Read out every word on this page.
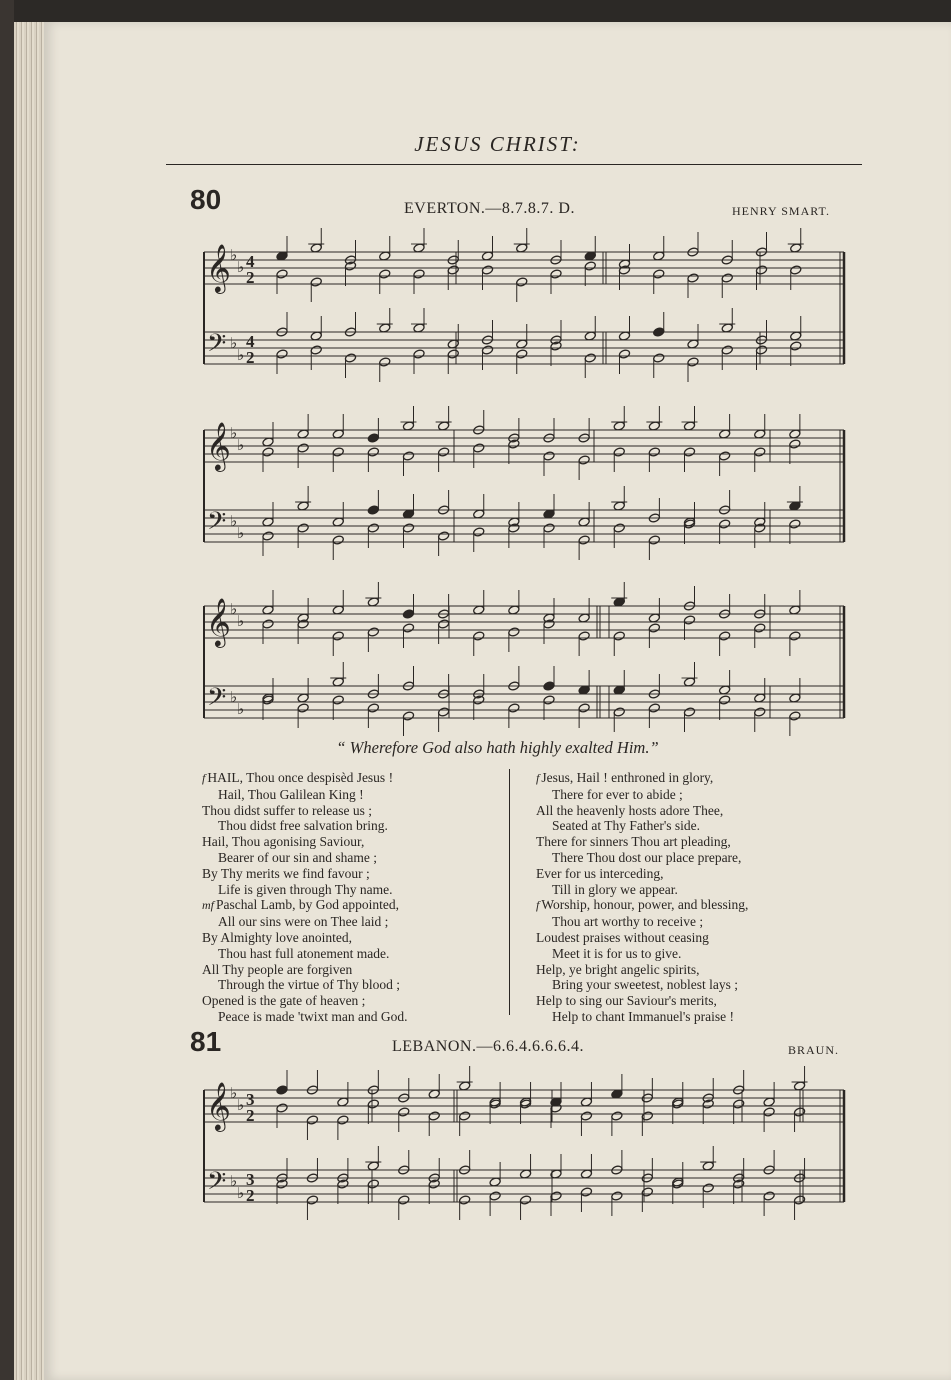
JESUS CHRIST:
80	EVERTON.—8.7.8.7. D.	HENRY SMART.
𝄞
𝄢
♭
♭
♭
♭
4
2
4
2
𝄞
𝄢
♭
♭
♭
♭
𝄞
𝄢
♭
♭
♭
♭
“ Wherefore God also hath highly exalted Him.”
f HAIL, Thou once despisèd Jesus !
Hail, Thou Galilean King !
Thou didst suffer to release us ;
Thou didst free salvation bring.
Hail, Thou agonising Saviour,
Bearer of our sin and shame ;
By Thy merits we find favour ;
Life is given through Thy name.
mf Paschal Lamb, by God appointed,
All our sins were on Thee laid ;
By Almighty love anointed,
Thou hast full atonement made.
All Thy people are forgiven
Through the virtue of Thy blood ;
Opened is the gate of heaven ;
Peace is made 'twixt man and God.
f Jesus, Hail ! enthroned in glory,
There for ever to abide ;
All the heavenly hosts adore Thee,
Seated at Thy Father's side.
There for sinners Thou art pleading,
There Thou dost our place prepare,
Ever for us interceding,
Till in glory we appear.
f Worship, honour, power, and blessing,
Thou art worthy to receive ;
Loudest praises without ceasing
Meet it is for us to give.
Help, ye bright angelic spirits,
Bring your sweetest, noblest lays ;
Help to sing our Saviour's merits,
Help to chant Immanuel's praise !
81	LEBANON.—6.6.4.6.6.6.4.	BRAUN.
𝄞
𝄢
♭
♭
♭
♭
3
2
3
2
